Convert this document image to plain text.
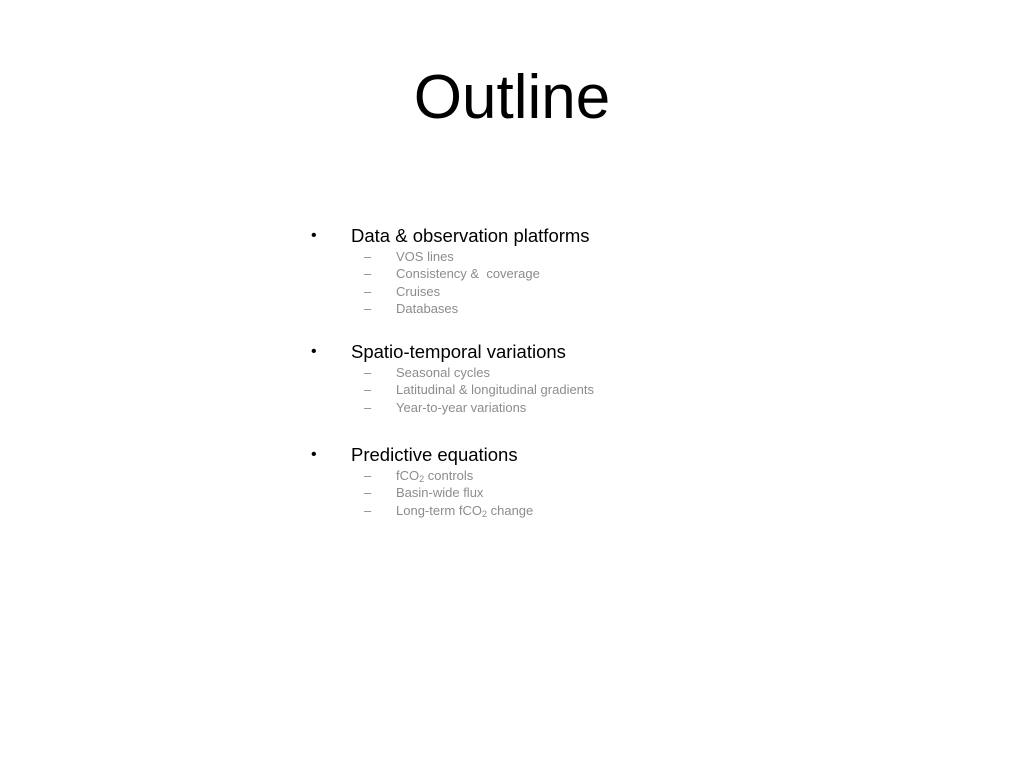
Outline
•	Data & observation platforms
– VOS lines
– Consistency &  coverage
– Cruises
– Databases
•	Spatio-temporal variations
– Seasonal cycles
– Latitudinal & longitudinal gradients
– Year-to-year variations
•	Predictive equations
– fCO$_2$ controls
– Basin-wide flux
– Long-term fCO$_2$ change
